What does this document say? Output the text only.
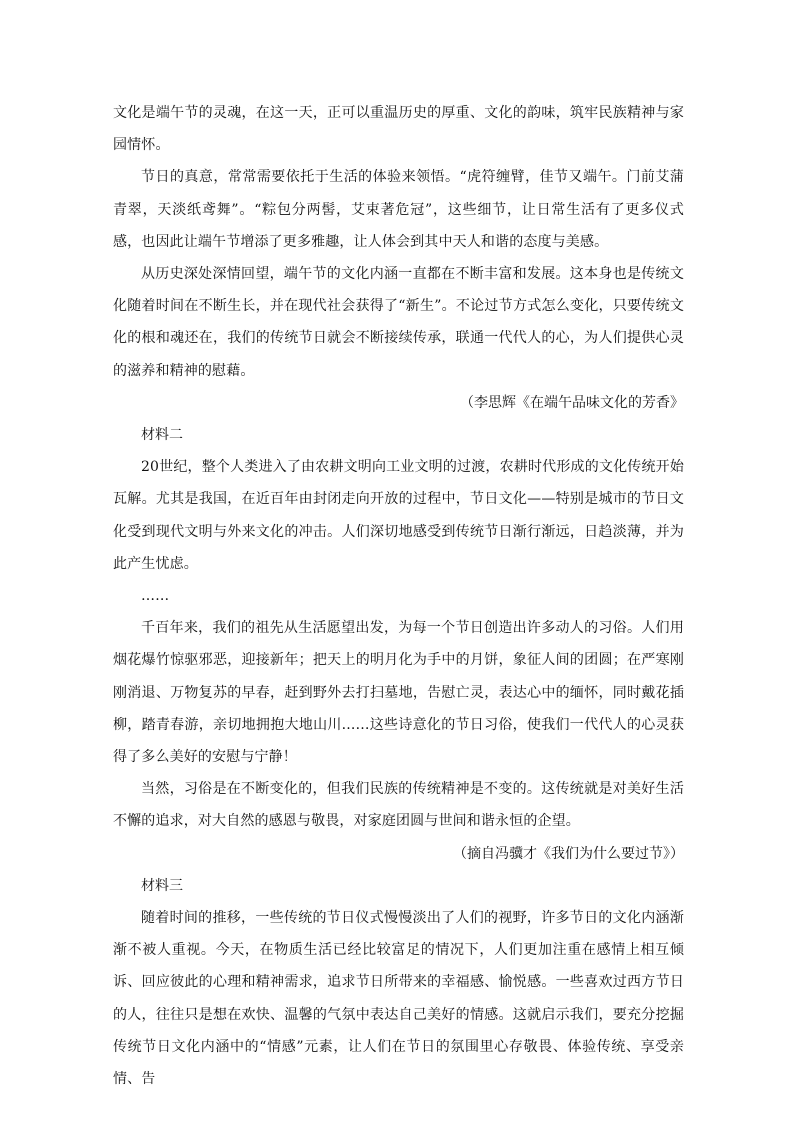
文化是端午节的灵魂，在这一天，正可以重温历史的厚重、文化的韵味，筑牢民族精神与家园情怀。

节日的真意，常常需要依托于生活的体验来领悟。“虎符缠臂，佳节又端午。门前艾蒲青翠，天淡纸鸢舞”。“粽包分两髻，艾束著危冠”，这些细节，让日常生活有了更多仪式感，也因此让端午节增添了更多雅趣，让人体会到其中天人和谐的态度与美感。

从历史深处深情回望，端午节的文化内涵一直都在不断丰富和发展。这本身也是传统文化随着时间在不断生长，并在现代社会获得了“新生”。不论过节方式怎么变化，只要传统文化的根和魂还在，我们的传统节日就会不断接续传承，联通一代代人的心，为人们提供心灵的滋养和精神的慰藉。

（李思辉《在端午品味文化的芳香》

材料二

20世纪，整个人类进入了由农耕文明向工业文明的过渡，农耕时代形成的文化传统开始瓦解。尤其是我国，在近百年由封闭走向开放的过程中，节日文化——特别是城市的节日文化受到现代文明与外来文化的冲击。人们深切地感受到传统节日渐行渐远，日趋淡薄，并为此产生忧虑。

……

千百年来，我们的祖先从生活愿望出发，为每一个节日创造出许多动人的习俗。人们用烟花爆竹惊驱邪恶，迎接新年；把天上的明月化为手中的月饼，象征人间的团圆；在严寒刚刚消退、万物复苏的早春，赶到野外去打扫墓地，告慰亡灵，表达心中的缅怀，同时戴花插柳，踏青春游，亲切地拥抱大地山川...…这些诗意化的节日习俗，使我们一代代人的心灵获得了多么美好的安慰与宁静！

当然，习俗是在不断变化的，但我们民族的传统精神是不变的。这传统就是对美好生活不懈的追求，对大自然的感恩与敬畏，对家庭团圆与世间和谐永恒的企望。

（摘自冯骥才《我们为什么要过节》）

材料三

随着时间的推移，一些传统的节日仪式慢慢淡出了人们的视野，许多节日的文化内涵渐渐不被人重视。今天，在物质生活已经比较富足的情况下，人们更加注重在感情上相互倾诉、回应彼此的心理和精神需求，追求节日所带来的幸福感、愉悦感。一些喜欢过西方节日的人，往往只是想在欢快、温馨的气氛中表达自己美好的情感。这就启示我们，要充分挖掘传统节日文化内涵中的“情感”元素，让人们在节日的氛围里心存敬畏、体验传统、享受亲情、告
